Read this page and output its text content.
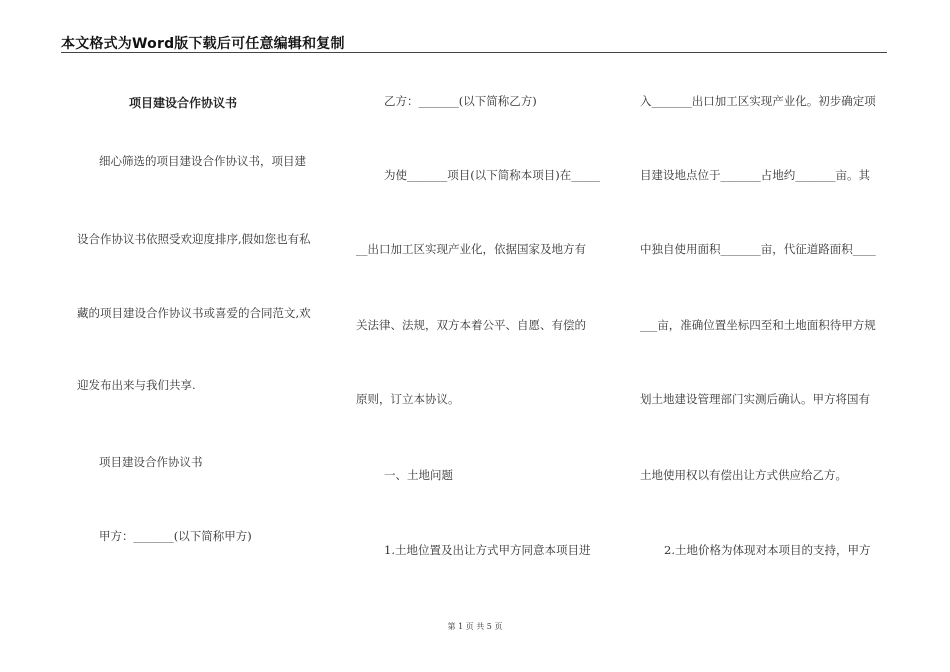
本文格式为Word版下载后可任意编辑和复制
项目建设合作协议书
细心筛选的项目建设合作协议书，项目建
设合作协议书依照受欢迎度排序,假如您也有私
藏的项目建设合作协议书或喜爱的合同范文,欢
迎发布出来与我们共享.
项目建设合作协议书
甲方：_______(以下简称甲方)
乙方：_______(以下简称乙方)
为使_______项目(以下简称本项目)在_____
__出口加工区实现产业化，依据国家及地方有
关法律、法规，双方本着公平、自愿、有偿的
原则，订立本协议。
一、土地问题
1.土地位置及出让方式甲方同意本项目进
入_______出口加工区实现产业化。初步确定项
目建设地点位于_______占地约_______亩。其
中独自使用面积_______亩，代征道路面积____
___亩，准确位置坐标四至和土地面积待甲方规
划土地建设管理部门实测后确认。甲方将国有
土地使用权以有偿出让方式供应给乙方。
2.土地价格为体现对本项目的支持，甲方
第 1 页 共 5 页
